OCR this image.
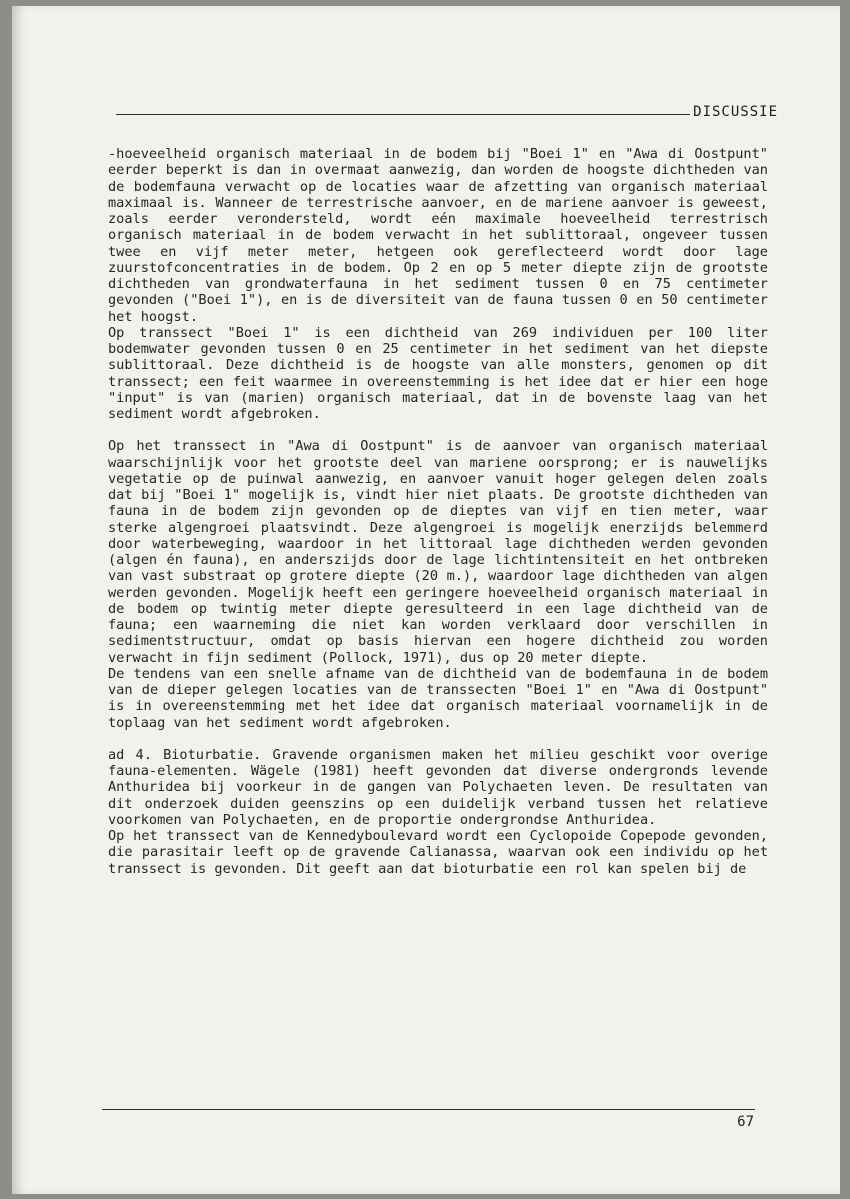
DISCUSSIE

-hoeveelheid organisch materiaal in de bodem bij "Boei 1" en "Awa di Oostpunt" eerder beperkt is dan in overmaat aanwezig, dan worden de hoogste dichtheden van de bodemfauna verwacht op de locaties waar de afzetting van organisch materiaal maximaal is. Wanneer de terrestrische aanvoer, en de mariene aanvoer is geweest, zoals eerder verondersteld, wordt eén maximale hoeveelheid terrestrisch organisch materiaal in de bodem verwacht in het sublittoraal, ongeveer tussen twee en vijf meter meter, hetgeen ook gereflecteerd wordt door lage zuurstofconcentraties in de bodem. Op 2 en op 5 meter diepte zijn de grootste dichtheden van grondwaterfauna in het sediment tussen 0 en 75 centimeter gevonden ("Boei 1"), en is de diversiteit van de fauna tussen 0 en 50 centimeter het hoogst.

Op transsect "Boei 1" is een dichtheid van 269 individuen per 100 liter bodemwater gevonden tussen 0 en 25 centimeter in het sediment van het diepste sublittoraal. Deze dichtheid is de hoogste van alle monsters, genomen op dit transsect; een feit waarmee in overeenstemming is het idee dat er hier een hoge "input" is van (marien) organisch materiaal, dat in de bovenste laag van het sediment wordt afgebroken.

Op het transsect in "Awa di Oostpunt" is de aanvoer van organisch materiaal waarschijnlijk voor het grootste deel van mariene oorsprong; er is nauwelijks vegetatie op de puinwal aanwezig, en aanvoer vanuit hoger gelegen delen zoals dat bij "Boei 1" mogelijk is, vindt hier niet plaats. De grootste dichtheden van fauna in de bodem zijn gevonden op de dieptes van vijf en tien meter, waar sterke algengroei plaatsvindt. Deze algengroei is mogelijk enerzijds belemmerd door waterbeweging, waardoor in het littoraal lage dichtheden werden gevonden (algen én fauna), en anderszijds door de lage lichtintensiteit en het ontbreken van vast substraat op grotere diepte (20 m.), waardoor lage dichtheden van algen werden gevonden. Mogelijk heeft een geringere hoeveelheid organisch materiaal in de bodem op twintig meter diepte geresulteerd in een lage dichtheid van de fauna; een waarneming die niet kan worden verklaard door verschillen in sedimentstructuur, omdat op basis hiervan een hogere dichtheid zou worden verwacht in fijn sediment (Pollock, 1971), dus op 20 meter diepte.

De tendens van een snelle afname van de dichtheid van de bodemfauna in de bodem van de dieper gelegen locaties van de transsecten "Boei 1" en "Awa di Oostpunt" is in overeenstemming met het idee dat organisch materiaal voornamelijk in de toplaag van het sediment wordt afgebroken.

ad 4. Bioturbatie. Gravende organismen maken het milieu geschikt voor overige fauna-elementen. Wägele (1981) heeft gevonden dat diverse ondergronds levende Anthuridea bij voorkeur in de gangen van Polychaeten leven. De resultaten van dit onderzoek duiden geenszins op een duidelijk verband tussen het relatieve voorkomen van Polychaeten, en de proportie ondergrondse Anthuridea.

Op het transsect van de Kennedyboulevard wordt een Cyclopoide Copepode gevonden, die parasitair leeft op de gravende Calianassa, waarvan ook een individu op het transsect is gevonden. Dit geeft aan dat bioturbatie een rol kan spelen bij de

67
